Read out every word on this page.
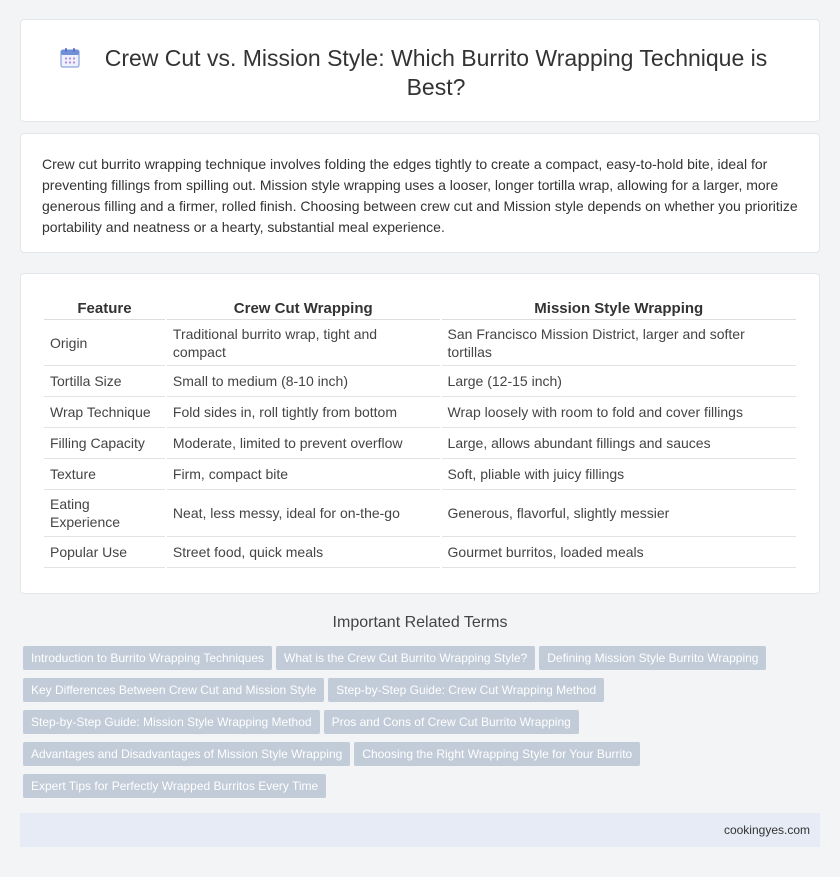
Crew Cut vs. Mission Style: Which Burrito Wrapping Technique is Best?

Crew cut burrito wrapping technique involves folding the edges tightly to create a compact, easy-to-hold bite, ideal for preventing fillings from spilling out. Mission style wrapping uses a looser, longer tortilla wrap, allowing for a larger, more generous filling and a firmer, rolled finish. Choosing between crew cut and Mission style depends on whether you prioritize portability and neatness or a hearty, substantial meal experience.

Feature	Crew Cut Wrapping	Mission Style Wrapping
Origin	Traditional burrito wrap, tight and compact	San Francisco Mission District, larger and softer tortillas
Tortilla Size	Small to medium (8-10 inch)	Large (12-15 inch)
Wrap Technique	Fold sides in, roll tightly from bottom	Wrap loosely with room to fold and cover fillings
Filling Capacity	Moderate, limited to prevent overflow	Large, allows abundant fillings and sauces
Texture	Firm, compact bite	Soft, pliable with juicy fillings
Eating Experience	Neat, less messy, ideal for on-the-go	Generous, flavorful, slightly messier
Popular Use	Street food, quick meals	Gourmet burritos, loaded meals
Important Related Terms
Introduction to Burrito Wrapping Techniques What is the Crew Cut Burrito Wrapping Style? Defining Mission Style Burrito Wrapping
Key Differences Between Crew Cut and Mission Style Step-by-Step Guide: Crew Cut Wrapping Method
Step-by-Step Guide: Mission Style Wrapping Method Pros and Cons of Crew Cut Burrito Wrapping
Advantages and Disadvantages of Mission Style Wrapping Choosing the Right Wrapping Style for Your Burrito
Expert Tips for Perfectly Wrapped Burritos Every Time
cookingyes.com
